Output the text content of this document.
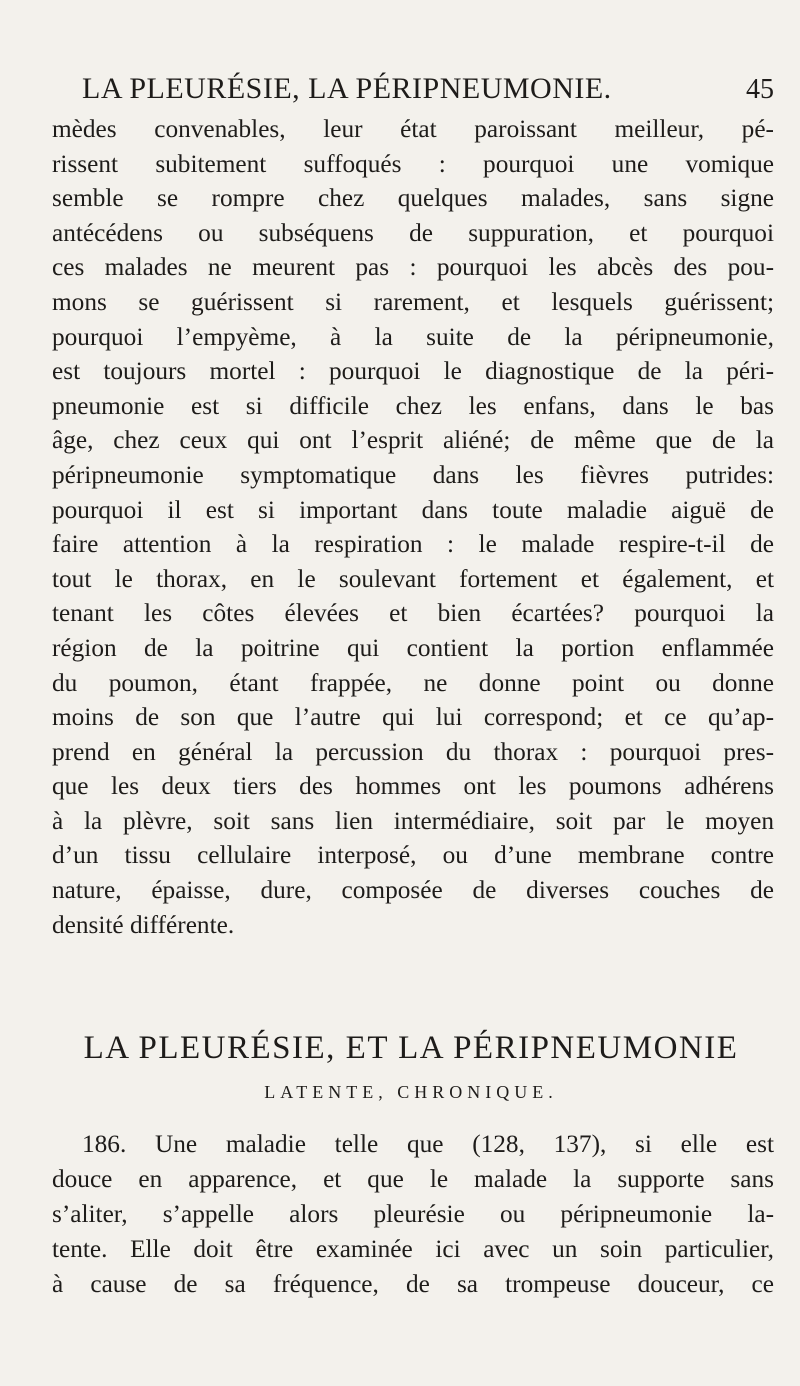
LA PLEURÉSIE, LA PÉRIPNEUMONIE.	45
mèdes convenables, leur état paroissant meilleur, pé-
rissent subitement suffoqués : pourquoi une vomique
semble se rompre chez quelques malades, sans signe
antécédens ou subséquens de suppuration, et pourquoi
ces malades ne meurent pas : pourquoi les abcès des pou-
mons se guérissent si rarement, et lesquels guérissent;
pourquoi l’empyème, à la suite de la péripneumonie,
est toujours mortel : pourquoi le diagnostique de la péri-
pneumonie est si difficile chez les enfans, dans le bas
âge, chez ceux qui ont l’esprit aliéné; de même que de la
péripneumonie symptomatique dans les fièvres putrides:
pourquoi il est si important dans toute maladie aiguë de
faire attention à la respiration : le malade respire-t-il de
tout le thorax, en le soulevant fortement et également, et
tenant les côtes élevées et bien écartées? pourquoi la
région de la poitrine qui contient la portion enflammée
du poumon, étant frappée, ne donne point ou donne
moins de son que l’autre qui lui correspond; et ce qu’ap-
prend en général la percussion du thorax : pourquoi pres-
que les deux tiers des hommes ont les poumons adhérens
à la plèvre, soit sans lien intermédiaire, soit par le moyen
d’un tissu cellulaire interposé, ou d’une membrane contre
nature, épaisse, dure, composée de diverses couches de
densité différente.
LA PLEURÉSIE, ET LA PÉRIPNEUMONIE
LATENTE, CHRONIQUE.
186. Une maladie telle que (128, 137), si elle est
douce en apparence, et que le malade la supporte sans
s’aliter, s’appelle alors pleurésie ou péripneumonie la-
tente. Elle doit être examinée ici avec un soin particulier,
à cause de sa fréquence, de sa trompeuse douceur, ce
